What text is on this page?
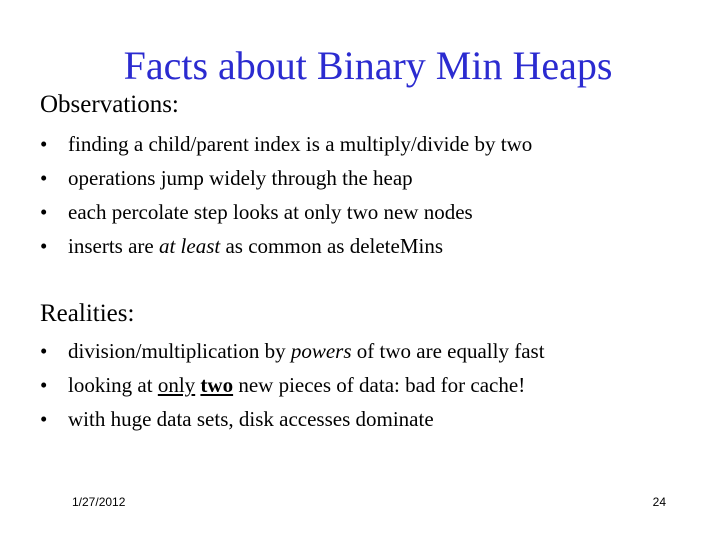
Facts about Binary Min Heaps
Observations:
• finding a child/parent index is a multiply/divide by two
• operations jump widely through the heap
• each percolate step looks at only two new nodes
• inserts are at least as common as deleteMins
Realities:
• division/multiplication by powers of two are equally fast
• looking at only two new pieces of data: bad for cache!
• with huge data sets, disk accesses dominate
1/27/2012	24
